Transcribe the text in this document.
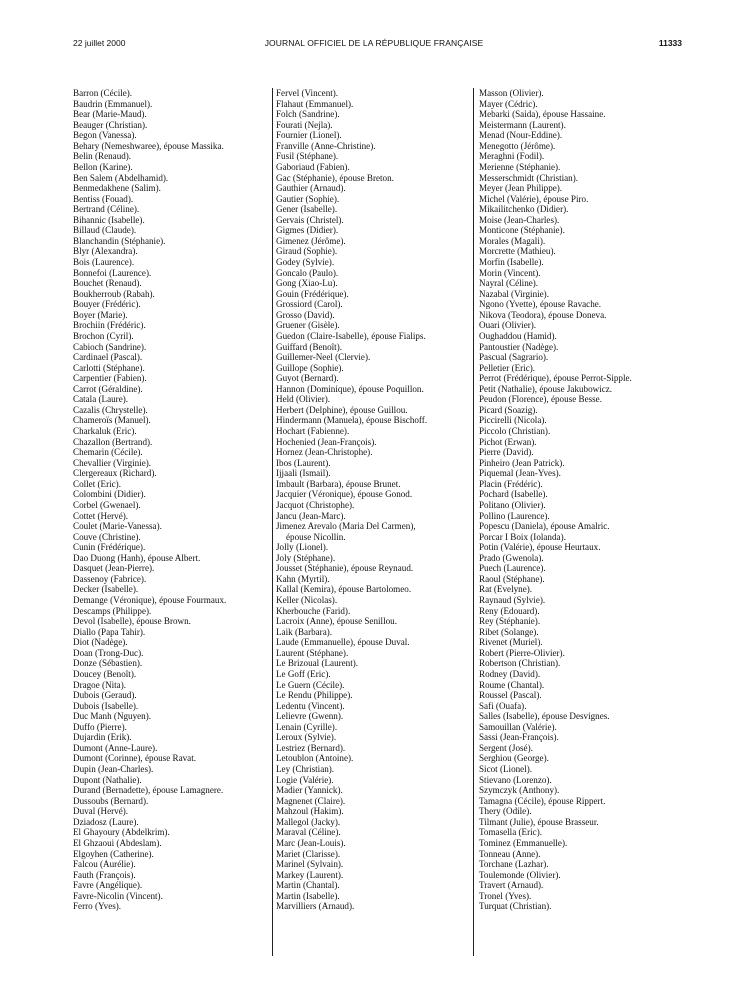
22 juillet 2000	JOURNAL OFFICIEL DE LA RÉPUBLIQUE FRANÇAISE	11333
Barron (Cécile).
Baudrin (Emmanuel).
Bear (Marie-Maud).
Beauger (Christian).
Begon (Vanessa).
Behary (Nemeshwaree), épouse Massika.
Belin (Renaud).
Bellon (Karine).
Ben Salem (Abdelhamid).
Benmedakhene (Salim).
Bentiss (Fouad).
Bertrand (Céline).
Bihannic (Isabelle).
Billaud (Claude).
Blanchandin (Stéphanie).
Blyr (Alexandra).
Bois (Laurence).
Bonnefoi (Laurence).
Bouchet (Renaud).
Boukherroub (Rabah).
Bouyer (Frédéric).
Boyer (Marie).
Brochiin (Frédéric).
Brochon (Cyril).
Cabioch (Sandrine).
Cardinael (Pascal).
Carlotti (Stéphane).
Carpentier (Fabien).
Carrot (Géraldine).
Catala (Laure).
Cazalis (Chrystelle).
Chameroïs (Manuel).
Charkaluk (Eric).
Chazallon (Bertrand).
Chemarin (Cécile).
Chevallier (Virginie).
Clergereaux (Richard).
Collet (Eric).
Colombini (Didier).
Corbel (Gwenael).
Cottet (Hervé).
Coulet (Marie-Vanessa).
Couve (Christine).
Cunin (Frédérique).
Dao Duong (Hanh), épouse Albert.
Dasquet (Jean-Pierre).
Dassenoy (Fabrice).
Decker (Isabelle).
Demange (Véronique), épouse Fourmaux.
Descamps (Philippe).
Devol (Isabelle), épouse Brown.
Diallo (Papa Tahir).
Diot (Nadège).
Doan (Trong-Duc).
Donze (Sébastien).
Doucey (Benoît).
Dragoe (Nita).
Dubois (Geraud).
Dubois (Isabelle).
Duc Manh (Nguyen).
Duffo (Pierre).
Dujardin (Erik).
Dumont (Anne-Laure).
Dumont (Corinne), épouse Ravat.
Dupin (Jean-Charles).
Dupont (Nathalie).
Durand (Bernadette), épouse Lamagnere.
Dussoubs (Bernard).
Duval (Hervé).
Dziadosz (Laure).
El Ghayoury (Abdelkrim).
El Ghzaoui (Abdeslam).
Elgoyhen (Catherine).
Falcou (Aurélie).
Fauth (François).
Favre (Angélique).
Favre-Nicolin (Vincent).
Ferro (Yves).
Fervel (Vincent).
Flahaut (Emmanuel).
Folch (Sandrine).
Fourati (Nejla).
Fournier (Lionel).
Franville (Anne-Christine).
Fusil (Stéphane).
Gaboriaud (Fabien).
Gac (Stéphanie), épouse Breton.
Gauthier (Arnaud).
Gautier (Sophie).
Gener (Isabelle).
Gervais (Christel).
Gigmes (Didier).
Gimenez (Jérôme).
Giraud (Sophie).
Godey (Sylvie).
Goncalo (Paulo).
Gong (Xiao-Lu).
Gouin (Frédérique).
Grossiord (Carol).
Grosso (David).
Gruener (Gisèle).
Guedon (Claire-Isabelle), épouse Fialips.
Guiffard (Benoît).
Guillemer-Neel (Clervie).
Guillope (Sophie).
Guyot (Bernard).
Hannon (Dominique), épouse Poquillon.
Held (Olivier).
Herbert (Delphine), épouse Guillou.
Hindermann (Manuela), épouse Bischoff.
Hochart (Fabienne).
Hochenied (Jean-François).
Hornez (Jean-Christophe).
Ibos (Laurent).
Ijjaali (Ismail).
Imbault (Barbara), épouse Brunet.
Jacquier (Véronique), épouse Gonod.
Jacquot (Christophe).
Jancu (Jean-Marc).
Jimenez Arevalo (Maria Del Carmen),
épouse Nicollin.
Jolly (Lionel).
Joly (Stéphane).
Jousset (Stéphanie), épouse Reynaud.
Kahn (Myrtil).
Kallal (Kemira), épouse Bartolomeo.
Keller (Nicolas).
Kherbouche (Farid).
Lacroix (Anne), épouse Senillou.
Laik (Barbara).
Laude (Emmanuelle), épouse Duval.
Laurent (Stéphane).
Le Brizoual (Laurent).
Le Goff (Eric).
Le Guern (Cécile).
Le Rendu (Philippe).
Ledentu (Vincent).
Lelievre (Gwenn).
Lenain (Cyrille).
Leroux (Sylvie).
Lestriez (Bernard).
Letoublon (Antoine).
Ley (Christian).
Logie (Valérie).
Madier (Yannick).
Magnenet (Claire).
Mahzoul (Hakim).
Mallegol (Jacky).
Maraval (Céline).
Marc (Jean-Louis).
Mariet (Clarisse).
Marinel (Sylvain).
Markey (Laurent).
Martin (Chantal).
Martin (Isabelle).
Marvilliers (Arnaud).
Masson (Olivier).
Mayer (Cédric).
Mebarki (Saida), épouse Hassaine.
Meistermann (Laurent).
Menad (Nour-Eddine).
Menegotto (Jérôme).
Meraghni (Fodil).
Merienne (Stéphanie).
Messerschmidt (Christian).
Meyer (Jean Philippe).
Michel (Valérie), épouse Piro.
Mikailitchenko (Didier).
Moise (Jean-Charles).
Monticone (Stéphanie).
Morales (Magali).
Morcrette (Mathieu).
Morfin (Isabelle).
Morin (Vincent).
Nayral (Céline).
Nazabal (Virginie).
Ngono (Yvette), épouse Ravache.
Nikova (Teodora), épouse Doneva.
Ouari (Olivier).
Oughaddou (Hamid).
Pantoustier (Nadège).
Pascual (Sagrario).
Pelletier (Eric).
Perrot (Frédérique), épouse Perrot-Sipple.
Petit (Nathalie), épouse Jakubowicz.
Peudon (Florence), épouse Besse.
Picard (Soazig).
Piccirelli (Nicola).
Piccolo (Christian).
Pichot (Erwan).
Pierre (David).
Pinheiro (Jean Patrick).
Piquemal (Jean-Yves).
Placin (Frédéric).
Pochard (Isabelle).
Politano (Olivier).
Pollino (Laurence).
Popescu (Daniela), épouse Amalric.
Porcar I Boix (Iolanda).
Potin (Valérie), épouse Heurtaux.
Prado (Gwenola).
Puech (Laurence).
Raoul (Stéphane).
Rat (Evelyne).
Raynaud (Sylvie).
Reny (Edouard).
Rey (Stéphanie).
Ribet (Solange).
Rivenet (Muriel).
Robert (Pierre-Olivier).
Robertson (Christian).
Rodney (David).
Roume (Chantal).
Roussel (Pascal).
Safi (Ouafa).
Salles (Isabelle), épouse Desvignes.
Samouillan (Valérie).
Sassi (Jean-François).
Sergent (José).
Serghiou (George).
Sicot (Lionel).
Stievano (Lorenzo).
Szymczyk (Anthony).
Tamagna (Cécile), épouse Rippert.
Thery (Odile).
Tilmant (Julie), épouse Brasseur.
Tomasella (Eric).
Tominez (Emmanuelle).
Tonneau (Anne).
Torchane (Lazhar).
Toulemonde (Olivier).
Travert (Arnaud).
Tronel (Yves).
Turquat (Christian).
